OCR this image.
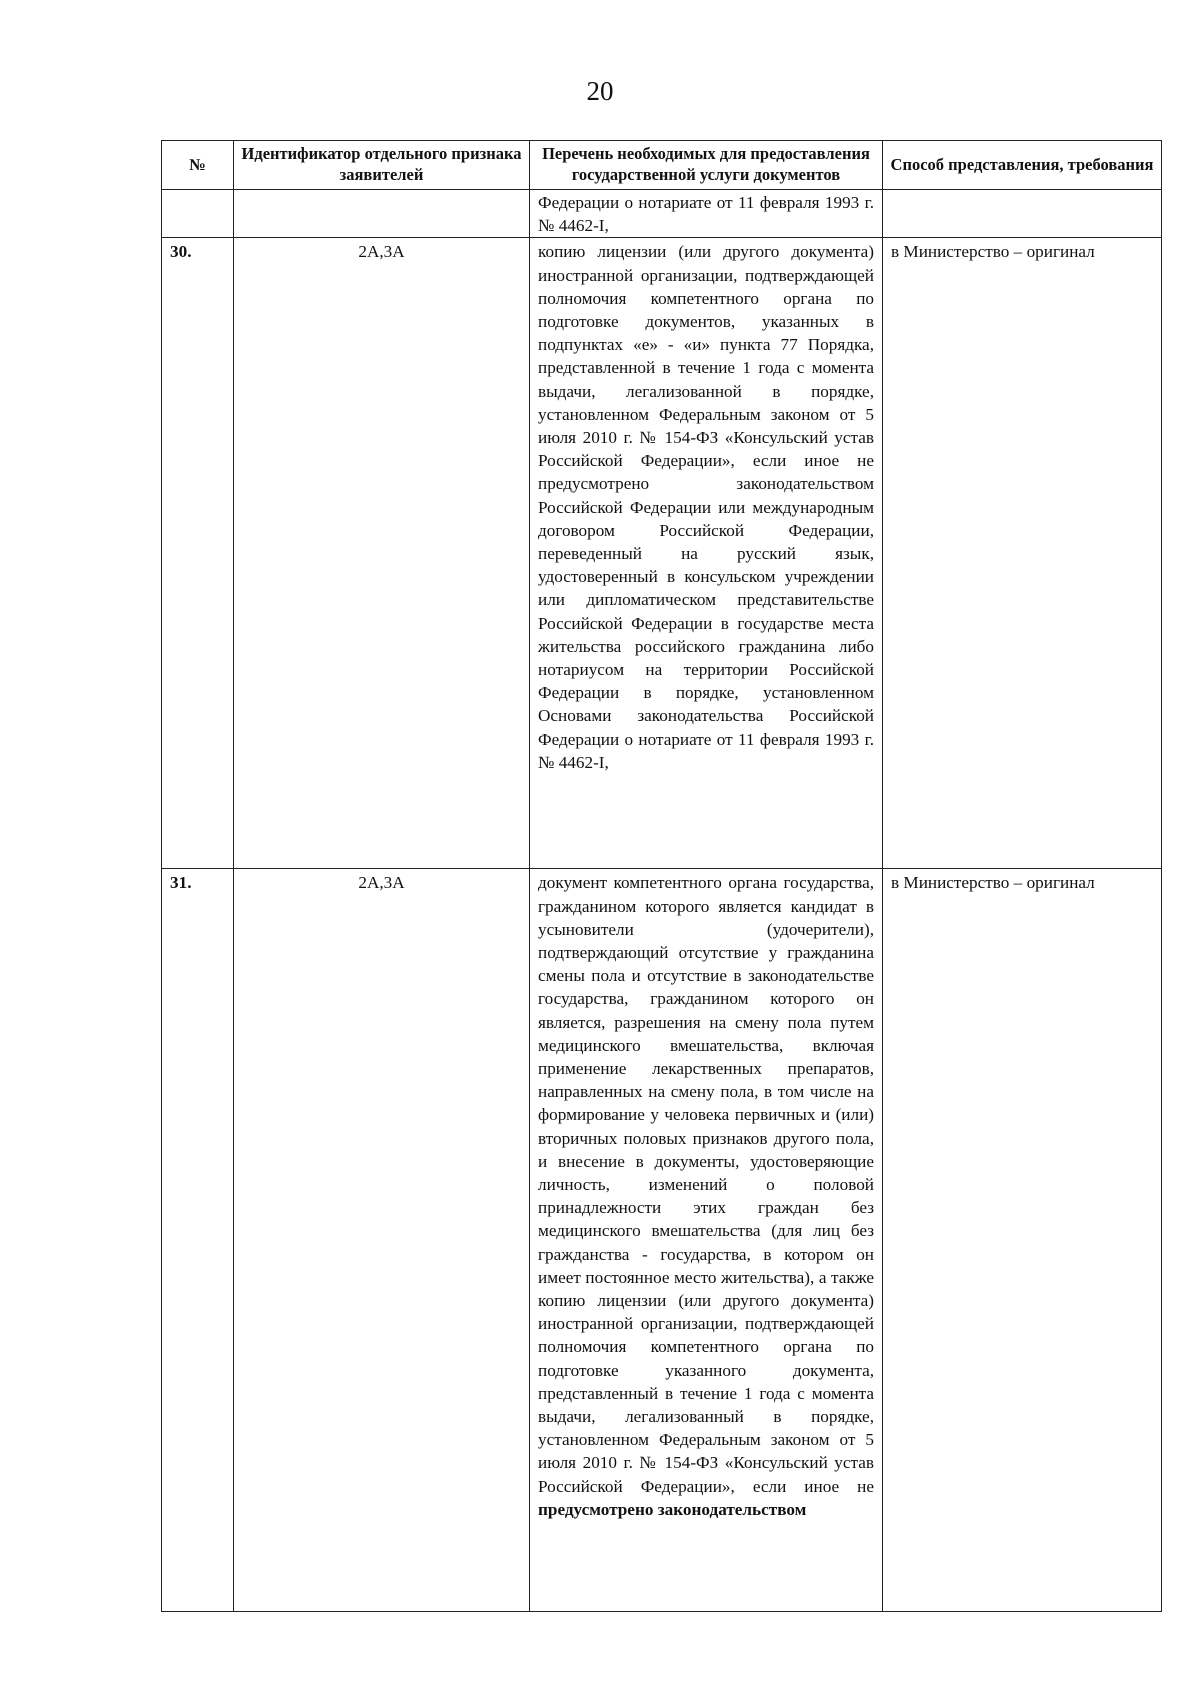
20
№	Идентификатор отдельного признака заявителей	Перечень необходимых для предоставления государственной услуги документов	Способ представления, требования
		Федерации о нотариате от 11 февраля 1993 г. № 4462-I,	
30.	2А,3А	копию лицензии (или другого документа) иностранной организации, подтверждающей полномочия компетентного органа по подготовке документов, указанных в подпунктах «е» - «и» пункта 77 Порядка, представленной в течение 1 года с момента выдачи, легализованной в порядке, установленном Федеральным законом от 5 июля 2010 г. № 154-ФЗ «Консульский устав Российской Федерации», если иное не предусмотрено законодательством Российской Федерации или международным договором Российской Федерации, переведенный на русский язык, удостоверенный в консульском учреждении или дипломатическом представительстве Российской Федерации в государстве места жительства российского гражданина либо нотариусом на территории Российской Федерации в порядке, установленном Основами законодательства Российской Федерации о нотариате от 11 февраля 1993 г. № 4462-I,	в Министерство – оригинал
31.	2А,3А	документ компетентного органа государства, гражданином которого является кандидат в усыновители (удочерители), подтверждающий отсутствие у гражданина смены пола и отсутствие в законодательстве государства, гражданином которого он является, разрешения на смену пола путем медицинского вмешательства, включая применение лекарственных препаратов, направленных на смену пола, в том числе на формирование у человека первичных и (или) вторичных половых признаков другого пола, и внесение в документы, удостоверяющие личность, изменений о половой принадлежности этих граждан без медицинского вмешательства (для лиц без гражданства - государства, в котором он имеет постоянное место жительства), а также копию лицензии (или другого документа) иностранной организации, подтверждающей полномочия компетентного органа по подготовке указанного документа, представленный в течение 1 года с момента выдачи, легализованный в порядке, установленном Федеральным законом от 5 июля 2010 г. № 154-ФЗ «Консульский устав Российской Федерации», если иное не предусмотрено законодательством	в Министерство – оригинал
